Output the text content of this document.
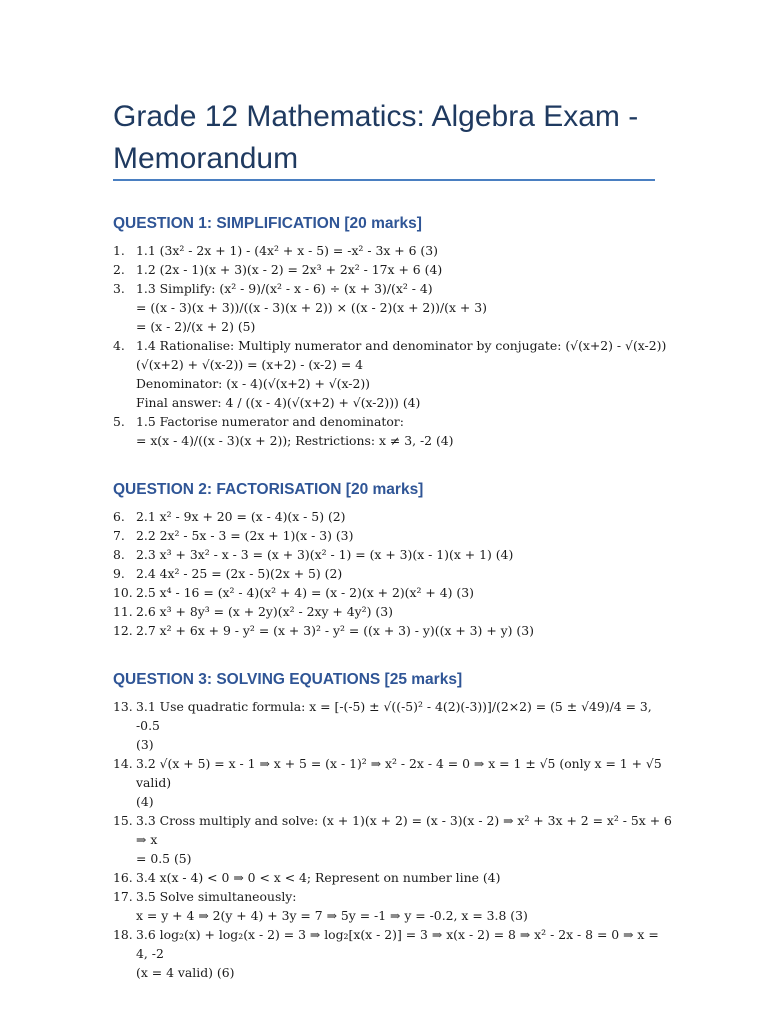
Grade 12 Mathematics: Algebra Exam -
Memorandum
QUESTION 1: SIMPLIFICATION [20 marks]
1. 1.1 (3x² - 2x + 1) - (4x² + x - 5) = -x² - 3x + 6 (3)
2. 1.2 (2x - 1)(x + 3)(x - 2) = 2x³ + 2x² - 17x + 6 (4)
3. 1.3 Simplify: (x² - 9)/(x² - x - 6) ÷ (x + 3)/(x² - 4)
= ((x - 3)(x + 3))/((x - 3)(x + 2)) × ((x - 2)(x + 2))/(x + 3)
= (x - 2)/(x + 2) (5)
4. 1.4 Rationalise: Multiply numerator and denominator by conjugate: (√(x+2) - √(x-2))
(√(x+2) + √(x-2)) = (x+2) - (x-2) = 4
Denominator: (x - 4)(√(x+2) + √(x-2))
Final answer: 4 / ((x - 4)(√(x+2) + √(x-2))) (4)
5. 1.5 Factorise numerator and denominator:
= x(x - 4)/((x - 3)(x + 2)); Restrictions: x ≠ 3, -2 (4)
QUESTION 2: FACTORISATION [20 marks]
6. 2.1 x² - 9x + 20 = (x - 4)(x - 5) (2)
7. 2.2 2x² - 5x - 3 = (2x + 1)(x - 3) (3)
8. 2.3 x³ + 3x² - x - 3 = (x + 3)(x² - 1) = (x + 3)(x - 1)(x + 1) (4)
9. 2.4 4x² - 25 = (2x - 5)(2x + 5) (2)
10. 2.5 x⁴ - 16 = (x² - 4)(x² + 4) = (x - 2)(x + 2)(x² + 4) (3)
11. 2.6 x³ + 8y³ = (x + 2y)(x² - 2xy + 4y²) (3)
12. 2.7 x² + 6x + 9 - y² = (x + 3)² - y² = ((x + 3) - y)((x + 3) + y) (3)
QUESTION 3: SOLVING EQUATIONS [25 marks]
13. 3.1 Use quadratic formula: x = [-(-5) ± √((-5)² - 4(2)(-3))]/(2×2) = (5 ± √49)/4 = 3, -0.5
(3)
14. 3.2 √(x + 5) = x - 1 ⇒ x + 5 = (x - 1)² ⇒ x² - 2x - 4 = 0 ⇒ x = 1 ± √5 (only x = 1 + √5 valid)
(4)
15. 3.3 Cross multiply and solve: (x + 1)(x + 2) = (x - 3)(x - 2) ⇒ x² + 3x + 2 = x² - 5x + 6 ⇒ x
= 0.5 (5)
16. 3.4 x(x - 4) < 0 ⇒ 0 < x < 4; Represent on number line (4)
17. 3.5 Solve simultaneously:
x = y + 4 ⇒ 2(y + 4) + 3y = 7 ⇒ 5y = -1 ⇒ y = -0.2, x = 3.8 (3)
18. 3.6 log₂(x) + log₂(x - 2) = 3 ⇒ log₂[x(x - 2)] = 3 ⇒ x(x - 2) = 8 ⇒ x² - 2x - 8 = 0 ⇒ x = 4, -2
(x = 4 valid) (6)
